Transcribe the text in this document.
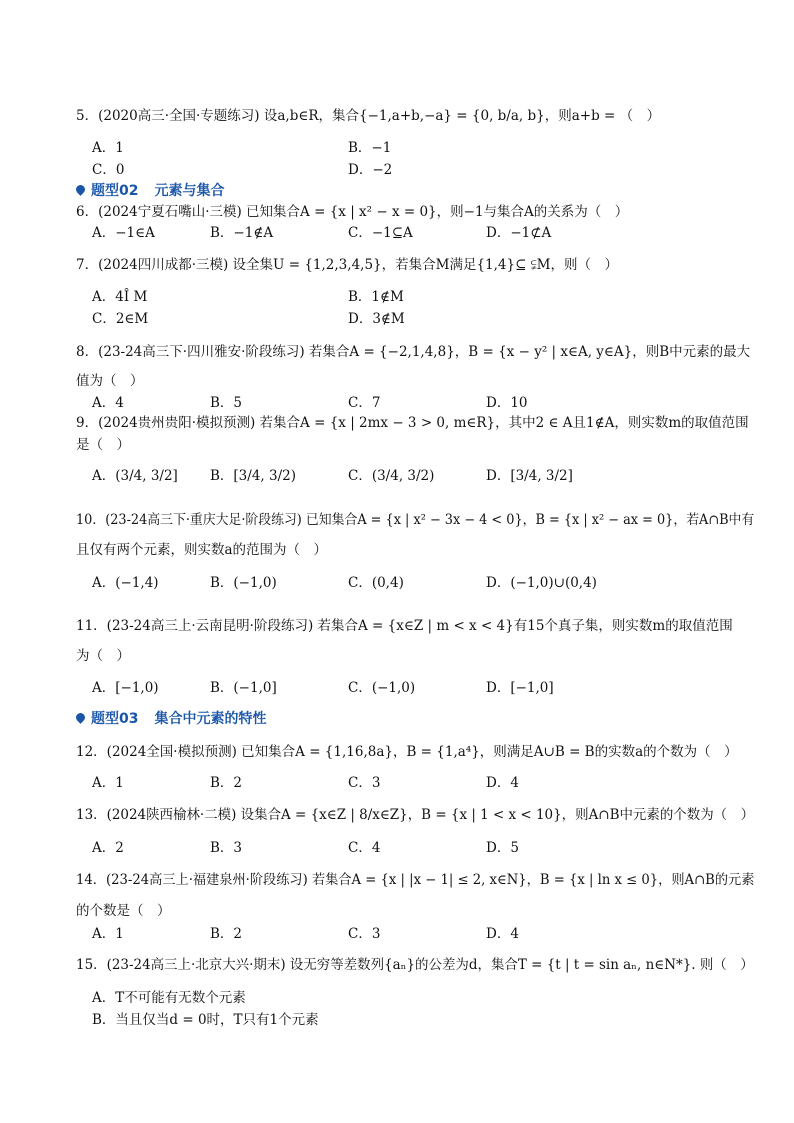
5．(2020高三·全国·专题练习) 设a,b∈R，集合{−1,a+b,−a} = {0, b/a, b}，则a+b = （　）
A．1	B．−1
C．0	D．−2
题型02 元素与集合
6．(2024宁夏石嘴山·三模) 已知集合A = {x | x² − x = 0}，则−1与集合A的关系为（　）
A．−1∈A	B．−1∉A	C．−1⊆A	D．−1⊄A
7．(2024四川成都·三模) 设全集U = {1,2,3,4,5}，若集合M满足{1,4}⊆ ⫋M，则（　）
A．4Î M	B．1∉M
C．2∈M	D．3∉M
8．(23-24高三下·四川雅安·阶段练习) 若集合A = {−2,1,4,8}，B = {x − y² | x∈A, y∈A}，则B中元素的最大
值为（　）
A．4	B．5	C．7	D．10
9．(2024贵州贵阳·模拟预测) 若集合A = {x | 2mx − 3 > 0, m∈R}，其中2 ∈ A且1∉A，则实数m的取值范围
是（　）
A．(3/4, 3/2] B．[3/4, 3/2)	C．(3/4, 3/2)	D．[3/4, 3/2]
10．(23-24高三下·重庆大足·阶段练习) 已知集合A = {x | x² − 3x − 4 < 0}，B = {x | x² − ax = 0}，若A∩B中有
且仅有两个元素，则实数a的范围为（　）
A．(−1,4)	B．(−1,0)	C．(0,4)	D．(−1,0)∪(0,4)
11．(23-24高三上·云南昆明·阶段练习) 若集合A = {x∈Z | m < x < 4}有15个真子集，则实数m的取值范围
为（　）
A．[−1,0)	B．(−1,0]	C．(−1,0)	D．[−1,0]
题型03 集合中元素的特性
12．(2024全国·模拟预测) 已知集合A = {1,16,8a}，B = {1,a⁴}，则满足A∪B = B的实数a的个数为（　）
A．1	B．2	C．3	D．4
13．(2024陕西榆林·二模) 设集合A = {x∈Z | 8/x∈Z}，B = {x | 1 < x < 10}，则A∩B中元素的个数为（　）
A．2	B．3	C．4	D．5
14．(23-24高三上·福建泉州·阶段练习) 若集合A = {x | |x − 1| ≤ 2, x∈N}，B = {x | ln x ≤ 0}，则A∩B的元素
的个数是（　）
A．1	B．2	C．3	D．4
15．(23-24高三上·北京大兴·期末) 设无穷等差数列{aₙ}的公差为d，集合T = {t | t = sin aₙ, n∈N*}. 则（　）
A．T不可能有无数个元素
B．当且仅当d = 0时，T只有1个元素
